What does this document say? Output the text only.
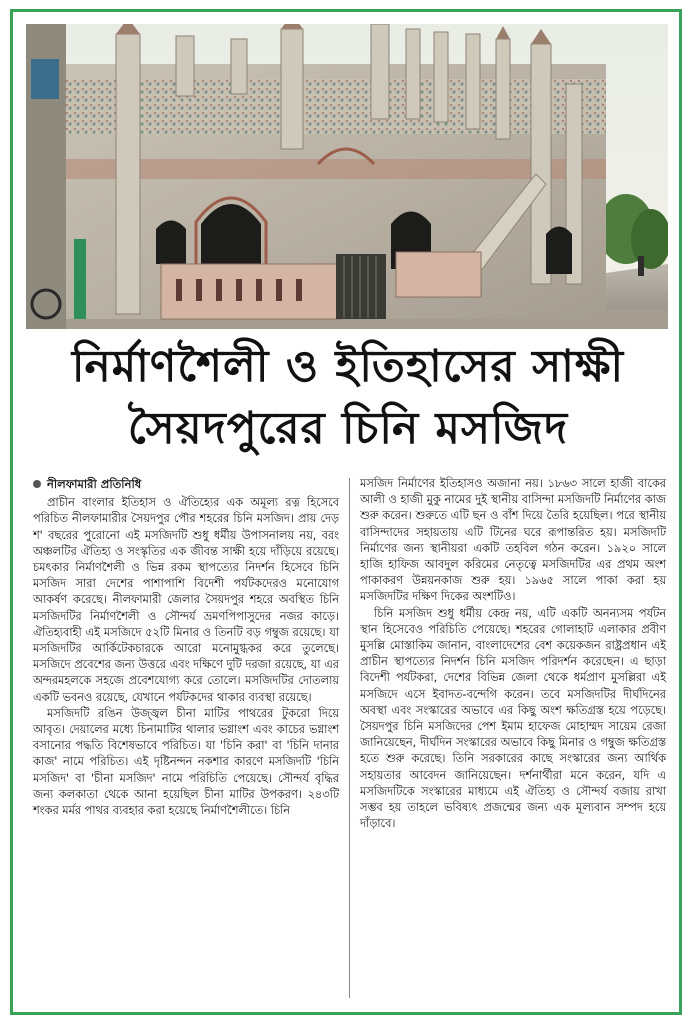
নির্মাণশৈলী ও ইতিহাসের সাক্ষী
সৈয়দপুরের চিনি মসজিদ
নীলফামারী প্রতিনিধি

প্রাচীন বাংলার ইতিহাস ও ঐতিহ্যের এক অমূল্য রত্ন হিসেবে পরিচিত নীলফামারীর সৈয়দপুর পৌর শহরের চিনি মসজিদ। প্রায় দেড় শ' বছরের পুরোনো এই মসজিদটি শুধু ধর্মীয় উপাসনালয় নয়, বরং অঞ্চলটির ঐতিহ্য ও সংস্কৃতির এক জীবন্ত সাক্ষী হয়ে দাঁড়িয়ে রয়েছে। চমৎকার নির্মাণশৈলী ও ভিন্ন রকম স্থাপত্যের নিদর্শন হিসেবে চিনি মসজিদ সারা দেশের পাশাপাশি বিদেশী পর্যটকদেরও মনোযোগ আকর্ষণ করেছে। নীলফামারী জেলার সৈয়দপুর শহরে অবস্থিত চিনি মসজিদটির নির্মাণশৈলী ও সৌন্দর্য ভ্রমণপিপাসুদের নজর কাড়ে। ঐতিহ্যবাহী এই মসজিদে ৫২টি মিনার ও তিনটি বড় গম্বুজ রয়েছে। যা মসজিদটির আর্কিটেকচারকে আরো মনোমুগ্ধকর করে তুলেছে। মসজিদে প্রবেশের জন্য উত্তরে এবং দক্ষিণে দুটি দরজা রয়েছে, যা এর অন্দরমহলকে সহজে প্রবেশযোগ্য করে তোলে। মসজিদটির দোতলায় একটি ভবনও রয়েছে, যেখানে পর্যটকদের থাকার ব্যবস্থা রয়েছে।

মসজিদটি রঙিন উজ্জ্বল চীনা মাটির পাথরের টুকরো দিয়ে আবৃত। দেয়ালের মধ্যে চিনামাটির থালার ভগ্নাংশ এবং কাচের ভগ্নাংশ বসানোর পদ্ধতি বিশেষভাবে পরিচিত। যা 'চিনি করা' বা 'চিনি দানার কাজ' নামে পরিচিত। এই দৃষ্টিনন্দন নকশার কারণে মসজিদটি 'চিনি মসজিদ' বা 'চীনা মসজিদ' নামে পরিচিতি পেয়েছে। সৌন্দর্য বৃদ্ধির জন্য কলকাতা থেকে আনা হয়েছিল চীনা মাটির উপকরণ। ২৪৩টি শংকর মর্মর পাথর ব্যবহার করা হয়েছে নির্মাণশৈলীতে। চিনি

মসজিদ নির্মাণের ইতিহাসও অজানা নয়। ১৮৬৩ সালে হাজী বাকের আলী ও হাজী মুকু নামের দুই স্থানীয় বাসিন্দা মসজিদটি নির্মাণের কাজ শুরু করেন। শুরুতে এটি ছন ও বাঁশ দিয়ে তৈরি হয়েছিল। পরে স্থানীয় বাসিন্দাদের সহায়তায় এটি টিনের ঘরে রূপান্তরিত হয়। মসজিদটি নির্মাণের জন্য স্থানীয়রা একটি তহবিল গঠন করেন। ১৯২০ সালে হাজি হাফিজ আবদুল করিমের নেতৃত্বে মসজিদটির এর প্রথম অংশ পাকাকরণ উন্নয়নকাজ শুরু হয়। ১৯৬৫ সালে পাকা করা হয় মসজিদটির দক্ষিণ দিকের অংশটিও।

চিনি মসজিদ শুধু ধর্মীয় কেন্দ্র নয়, এটি একটি অনন্যসম পর্যটন স্থান হিসেবেও পরিচিতি পেয়েছে। শহরের গোলাহাট এলাকার প্রবীণ মুসল্লি মোস্তাকিম জানান, বাংলাদেশের বেশ কয়েকজন রাষ্ট্রপ্রধান এই প্রাচীন স্থাপত্যের নিদর্শন চিনি মসজিদ পরিদর্শন করেছেন। এ ছাড়া বিদেশী পর্যটকরা, দেশের বিভিন্ন জেলা থেকে ধর্মপ্রাণ মুসল্লিরা এই মসজিদে এসে ইবাদত-বন্দেগি করেন। তবে মসজিদটির দীর্ঘদিনের অবস্থা এবং সংস্কারের অভাবে এর কিছু অংশ ক্ষতিগ্রস্ত হয়ে পড়েছে। সৈয়দপুর চিনি মসজিদের পেশ ইমাম হাফেজ মোহাম্মদ সায়েম রেজা জানিয়েছেন, দীর্ঘদিন সংস্কারের অভাবে কিছু মিনার ও গম্বুজ ক্ষতিগ্রস্ত হতে শুরু করেছে। তিনি সরকারের কাছে সংস্কারের জন্য আর্থিক সহায়তার আবেদন জানিয়েছেন। দর্শনার্থীরা মনে করেন, যদি এ মসজিদটিকে সংস্কারের মাধ্যমে এই ঐতিহ্য ও সৌন্দর্য বজায় রাখা সম্ভব হয় তাহলে ভবিষ্যৎ প্রজন্মের জন্য এক মূল্যবান সম্পদ হয়ে দাঁড়াবে।
